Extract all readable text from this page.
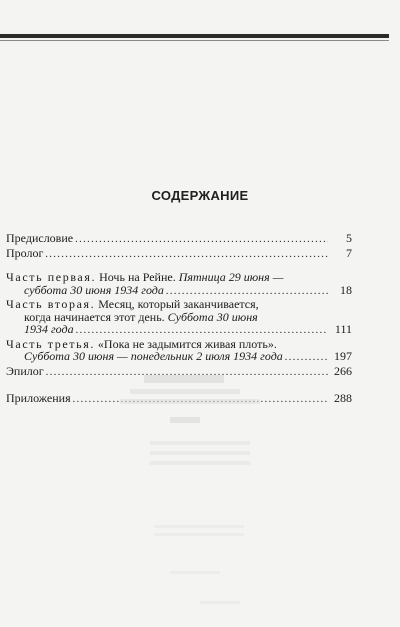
СОДЕРЖАНИЕ
Предисловие . . .	5
Пролог . . .	7
Часть первая. Ночь на Рейне. Пятница 29 июня —
суббота 30 июня 1934 года . . .	18
Часть вторая. Месяц, который заканчивается,
когда начинается этот день. Суббота 30 июня
1934 года . . .	111
Часть третья. «Пока не задымится живая плоть».
Суббота 30 июня — понедельник 2 июля 1934 года . . .	197
Эпилог . . .	266
Приложения . . .	288
